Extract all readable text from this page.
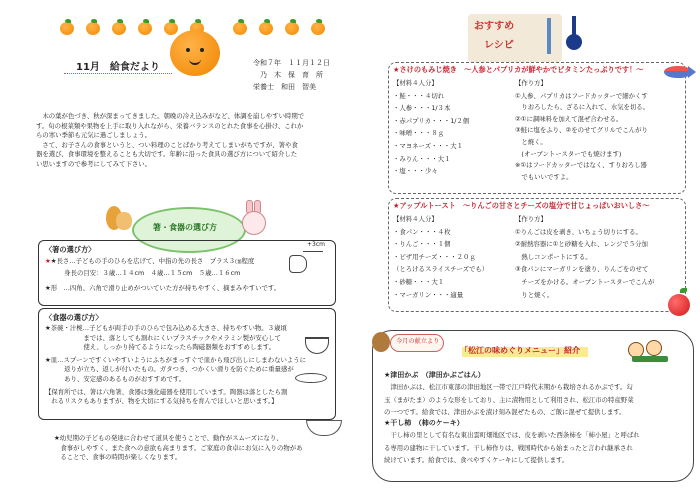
11月　給食だより	令和７年　１１月１２日
乃　木　保　育　所
栄養士　和田　智美
　木の葉が色づき、秋が深まってきました。朝晩の冷え込みがなど、体調を崩しやすい時期で
す。旬の根菜類や果物を上手に取り入れながら、栄養バランスのとれた食事を心掛け、これか
らの寒い季節も元気に過ごしましょう。
　さて、お子さんの食事というと、つい料理のことばかり考えてしまいがちですが、箸や食
器を選び、食事環境を整えることも大切です。年齢に沿った食具の選び方について紹介した
い思いますので参考にしてみて下さい。
箸・食器の選び方
〈箸の選び方〉
★★長さ…子どもの手のひらを広げて、中指の先の長さ　プラス３㎝程度
　　　身長の目安：３歳…１４cm　４歳…１５cm　５歳…１６cm
★形　…四角、六角で滑り止めがついていた方が持ちやすく、摘まみやすいです。
+3cm
〈食器の選び方〉
★茶碗・汁椀…子どもが両手の手のひらで包み込める大きさ、持ちやすい物。３歳頃
　　　　　　までは、落としても割れにくいプラスチックやメラミン製が安心して
　　　　　　使え、しっかり持てるようになったら陶磁器類をおすすめします。
★皿…スプーンですくいやすいようにふちがまっすぐで皿から飛び出しにしまわないように
　　　返りが立ち、返しが付いたもの。ガタつき、つかくい滑りを防ぐために重量感が
　　　あり、安定感のあるものがおすすめです。
【保育所では、箸は六角箸、食器は強化磁器を使用しています。陶器は落としたら割
　れるリスクもありますが、物を大切にする気持ちを育んでほしいと思います。】
★幼児期の子どもの発達に合わせて道具を使うことで、動作がスムーズになり、
　食事がしやすく、また食への意欲も高まります。ご家庭の食卓にお気に入りの物があ
　ることで、食事の時間が楽しくなります。
おすすめ
レシピ
★さけのもみじ焼き　～人参とパプリカが鮮やかでビタミンたっぷりです！～
【材料４人分】
・鮭・・・４切れ
・人参・・・1/３本
・赤パプリカ・・・1/２個
・味噌・・・８ｇ
・マヨネーズ・・・大１
・みりん・・・大１
・塩・・・少々
【作り方】
①人参、パプリカはフードカッターで細かくす
　りおろしたら、ざるに入れて、水気を切る。
②①に調味料を加えて混ぜ合わせる。
③鮭に塩をふり、②をのせてグリルでこんがり
　と焼く。
　(オーブントースターでも焼けます)
※①はフードカッターではなく、すりおろし器
　でもいいですよ。
★アップルトースト　～りんごの甘さとチーズの塩分で甘じょっぱいおいしさ～
【材料４人分】
・食パン・・・４枚
・りんご・・・１個
・ピザ用チーズ・・・２０ｇ
（とろけるスライスチーズでも）
・砂糖・・・大１
・マーガリン・・・適量
【作り方】
①りんごは皮を剥き、いちょう切りにする。
②耐熱容器に①と砂糖を入れ、レンジで５分加
　熱しコンポートにする。
③食パンにマーガリンを塗り、りんごをのせて
　チーズをかける。オーブントースターでこんが
　りと焼く。
今月の献立より
「松江の味めぐりメニュー」紹介
★津田かぶ　（津田かぶごはん）
　津田かぶは、松江市東部の津田地区一帯で江戸時代末期から栽培されるかぶです。勾
玉（まがたま）のような形をしており、主に漬物用として利用され、松江市の特産野菜
の一つです。給食では、津田かぶを漬け刻み混ぜたもの、ご飯に混ぜて提供します。
★干し柿　（柿のケーキ）
　干し柿の里として有名な東出雲町畑地区では、皮を剥いた西条柿を「柿小屋」と呼ばれ
る専用の建物に干しています。干し柿作りは、戦国時代から始まったと言われ継承され
続けています。給食では、食べやすくケーキにして提供します。
